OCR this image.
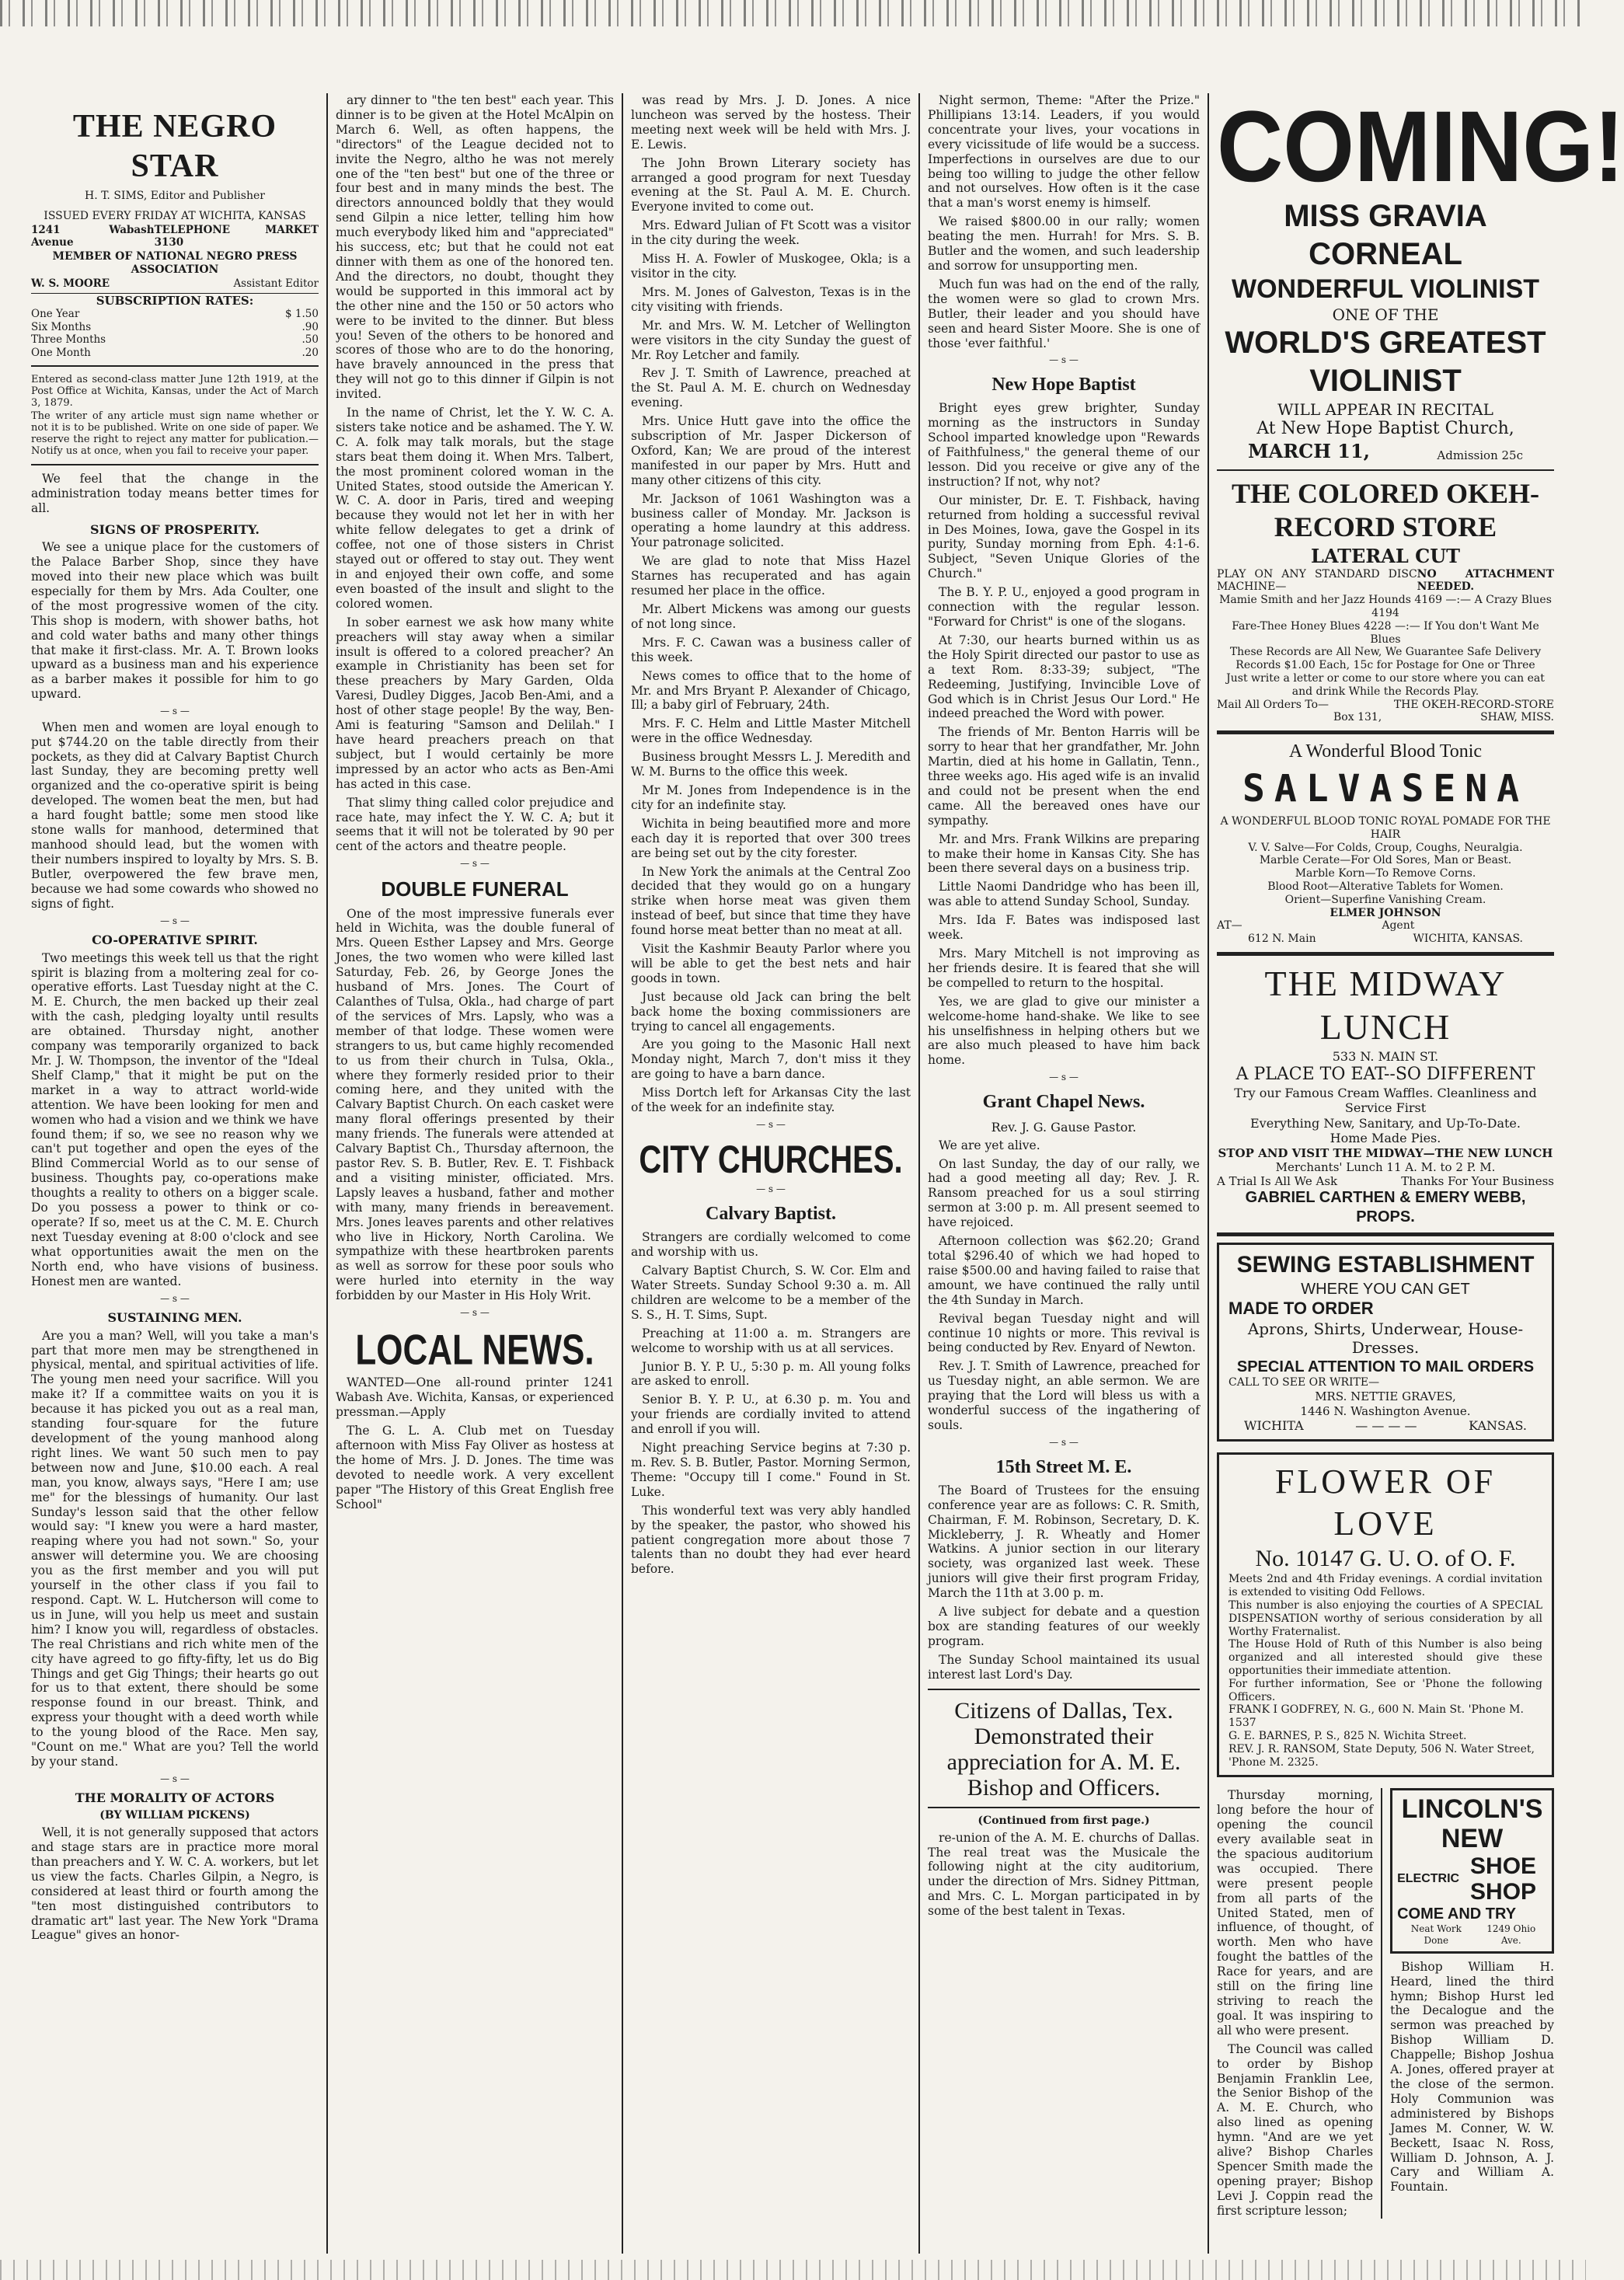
THE NEGRO STAR
H. T. SIMS, Editor and Publisher
ISSUED EVERY FRIDAY AT WICHITA, KANSAS
1241 Wabash Avenue
TELEPHONE MARKET 3130
MEMBER OF NATIONAL NEGRO PRESS ASSOCIATION
W. S. MOORE	Assistant Editor
SUBSCRIPTION RATES:
One Year	$ 1.50
Six Months	.90
Three Months	.50
One Month	.20
Entered as second-class matter June 12th 1919, at the Post Office at Wichita, Kansas, under the Act of March 3, 1879.
The writer of any article must sign name whether or not it is to be published. Write on one side of paper. We reserve the right to reject any matter for publication.—Notify us at once, when you fail to receive your paper.

We feel that the change in the administration today means better times for all.

SIGNS OF PROSPERITY.

We see a unique place for the customers of the Palace Barber Shop, since they have moved into their new place which was built especially for them by Mrs. Ada Coulter, one of the most progressive women of the city. This shop is modern, with shower baths, hot and cold water baths and many other things that make it first-class. Mr. A. T. Brown looks upward as a business man and his experience as a barber makes it possible for him to go upward.

— s —

When men and women are loyal enough to put $744.20 on the table directly from their pockets, as they did at Calvary Baptist Church last Sunday, they are becoming pretty well organized and the co-operative spirit is being developed. The women beat the men, but had a hard fought battle; some men stood like stone walls for manhood, determined that manhood should lead, but the women with their numbers inspired to loyalty by Mrs. S. B. Butler, overpowered the few brave men, because we had some cowards who showed no signs of fight.

— s —
CO-OPERATIVE SPIRIT.

Two meetings this week tell us that the right spirit is blazing from a moltering zeal for co-operative efforts. Last Tuesday night at the C. M. E. Church, the men backed up their zeal with the cash, pledging loyalty until results are obtained. Thursday night, another company was temporarily organized to back Mr. J. W. Thompson, the inventor of the "Ideal Shelf Clamp," that it might be put on the market in a way to attract world-wide attention. We have been looking for men and women who had a vision and we think we have found them; if so, we see no reason why we can't put together and open the eyes of the Blind Commercial World as to our sense of business. Thoughts pay, co-operations make thoughts a reality to others on a bigger scale. Do you possess a power to think or co-operate? If so, meet us at the C. M. E. Church next Tuesday evening at 8:00 o'clock and see what opportunities await the men on the North end, who have visions of business. Honest men are wanted.

— s —
SUSTAINING MEN.

Are you a man? Well, will you take a man's part that more men may be strengthened in physical, mental, and spiritual activities of life. The young men need your sacrifice. Will you make it? If a committee waits on you it is because it has picked you out as a real man, standing four-square for the future development of the young manhood along right lines. We want 50 such men to pay between now and June, $10.00 each. A real man, you know, always says, "Here I am; use me" for the blessings of humanity. Our last Sunday's lesson said that the other fellow would say: "I knew you were a hard master, reaping where you had not sown." So, your answer will determine you. We are choosing you as the first member and you will put yourself in the other class if you fail to respond. Capt. W. L. Hutcherson will come to us in June, will you help us meet and sustain him? I know you will, regardless of obstacles. The real Christians and rich white men of the city have agreed to go fifty-fifty, let us do Big Things and get Gig Things; their hearts go out for us to that extent, there should be some response found in our breast. Think, and express your thought with a deed worth while to the young blood of the Race. Men say, "Count on me." What are you? Tell the world by your stand.

— s —
THE MORALITY OF ACTORS
(BY WILLIAM PICKENS)

Well, it is not generally supposed that actors and stage stars are in practice more moral than preachers and Y. W. C. A. workers, but let us view the facts. Charles Gilpin, a Negro, is considered at least third or fourth among the "ten most distinguished contributors to dramatic art" last year. The New York "Drama League" gives an honor-

ary dinner to "the ten best" each year. This dinner is to be given at the Hotel McAlpin on March 6. Well, as often happens, the "directors" of the League decided not to invite the Negro, altho he was not merely one of the "ten best" but one of the three or four best and in many minds the best. The directors announced boldly that they would send Gilpin a nice letter, telling him how much everybody liked him and "appreciated" his success, etc; but that he could not eat dinner with them as one of the honored ten. And the directors, no doubt, thought they would be supported in this immoral act by the other nine and the 150 or 50 actors who were to be invited to the dinner. But bless you! Seven of the others to be honored and scores of those who are to do the honoring, have bravely announced in the press that they will not go to this dinner if Gilpin is not invited.

In the name of Christ, let the Y. W. C. A. sisters take notice and be ashamed. The Y. W. C. A. folk may talk morals, but the stage stars beat them doing it. When Mrs. Talbert, the most prominent colored woman in the United States, stood outside the American Y. W. C. A. door in Paris, tired and weeping because they would not let her in with her white fellow delegates to get a drink of coffee, not one of those sisters in Christ stayed out or offered to stay out. They went in and enjoyed their own coffe, and some even boasted of the insult and slight to the colored women.

In sober earnest we ask how many white preachers will stay away when a similar insult is offered to a colored preacher? An example in Christianity has been set for these preachers by Mary Garden, Olda Varesi, Dudley Digges, Jacob Ben-Ami, and a host of other stage people! By the way, Ben-Ami is featuring "Samson and Delilah." I have heard preachers preach on that subject, but I would certainly be more impressed by an actor who acts as Ben-Ami has acted in this case.

That slimy thing called color prejudice and race hate, may infect the Y. W. C. A; but it seems that it will not be tolerated by 90 per cent of the actors and theatre people.

— s —
DOUBLE FUNERAL

One of the most impressive funerals ever held in Wichita, was the double funeral of Mrs. Queen Esther Lapsey and Mrs. George Jones, the two women who were killed last Saturday, Feb. 26, by George Jones the husband of Mrs. Jones. The Court of Calanthes of Tulsa, Okla., had charge of part of the services of Mrs. Lapsly, who was a member of that lodge. These women were strangers to us, but came highly recomended to us from their church in Tulsa, Okla., where they formerly resided prior to their coming here, and they united with the Calvary Baptist Church. On each casket were many floral offerings presented by their many friends. The funerals were attended at Calvary Baptist Ch., Thursday afternoon, the pastor Rev. S. B. Butler, Rev. E. T. Fishback and a visiting minister, officiated. Mrs. Lapsly leaves a husband, father and mother with many, many friends in bereavement. Mrs. Jones leaves parents and other relatives who live in Hickory, North Carolina. We sympathize with these heartbroken parents as well as sorrow for these poor souls who were hurled into eternity in the way forbidden by our Master in His Holy Writ.

— s —
LOCAL NEWS.

WANTED—One all-round printer 1241 Wabash Ave. Wichita, Kansas, or experienced pressman.—Apply

The G. L. A. Club met on Tuesday afternoon with Miss Fay Oliver as hostess at the home of Mrs. J. D. Jones. The time was devoted to needle work. A very excellent paper "The History of this Great English free School"

was read by Mrs. J. D. Jones. A nice luncheon was served by the hostess. Their meeting next week will be held with Mrs. J. E. Lewis.

The John Brown Literary society has arranged a good program for next Tuesday evening at the St. Paul A. M. E. Church. Everyone invited to come out.

Mrs. Edward Julian of Ft Scott was a visitor in the city during the week.

Miss H. A. Fowler of Muskogee, Okla; is a visitor in the city.

Mrs. M. Jones of Galveston, Texas is in the city visiting with friends.

Mr. and Mrs. W. M. Letcher of Wellington were visitors in the city Sunday the guest of Mr. Roy Letcher and family.

Rev J. T. Smith of Lawrence, preached at the St. Paul A. M. E. church on Wednesday evening.

Mrs. Unice Hutt gave into the office the subscription of Mr. Jasper Dickerson of Oxford, Kan; We are proud of the interest manifested in our paper by Mrs. Hutt and many other citizens of this city.

Mr. Jackson of 1061 Washington was a business caller of Monday. Mr. Jackson is operating a home laundry at this address. Your patronage solicited.

We are glad to note that Miss Hazel Starnes has recuperated and has again resumed her place in the office.

Mr. Albert Mickens was among our guests of not long since.

Mrs. F. C. Cawan was a business caller of this week.

News comes to office that to the home of Mr. and Mrs Bryant P. Alexander of Chicago, Ill; a baby girl of February, 24th.

Mrs. F. C. Helm and Little Master Mitchell were in the office Wednesday.

Business brought Messrs L. J. Meredith and W. M. Burns to the office this week.

Mr M. Jones from Independence is in the city for an indefinite stay.

Wichita in being beautified more and more each day it is reported that over 300 trees are being set out by the city forester.

In New York the animals at the Central Zoo decided that they would go on a hungary strike when horse meat was given them instead of beef, but since that time they have found horse meat better than no meat at all.

Visit the Kashmir Beauty Parlor where you will be able to get the best nets and hair goods in town.

Just because old Jack can bring the belt back home the boxing commissioners are trying to cancel all engagements.

Are you going to the Masonic Hall next Monday night, March 7, don't miss it they are going to have a barn dance.

Miss Dortch left for Arkansas City the last of the week for an indefinite stay.

— s —
CITY CHURCHES.
— s —
Calvary Baptist.

Strangers are cordially welcomed to come and worship with us.

Calvary Baptist Church, S. W. Cor. Elm and Water Streets. Sunday School 9:30 a. m. All children are welcome to be a member of the S. S., H. T. Sims, Supt.

Preaching at 11:00 a. m. Strangers are welcome to worship with us at all services.

Junior B. Y. P. U., 5:30 p. m. All young folks are asked to enroll.

Senior B. Y. P. U., at 6.30 p. m. You and your friends are cordially invited to attend and enroll if you will.

Night preaching Service begins at 7:30 p. m. Rev. S. B. Butler, Pastor. Morning Sermon, Theme: "Occupy till I come." Found in St. Luke.

This wonderful text was very ably handled by the speaker, the pastor, who showed his patient congregation more about those 7 talents than no doubt they had ever heard before.

Night sermon, Theme: "After the Prize." Phillipians 13:14. Leaders, if you would concentrate your lives, your vocations in every vicissitude of life would be a success. Imperfections in ourselves are due to our being too willing to judge the other fellow and not ourselves. How often is it the case that a man's worst enemy is himself.

We raised $800.00 in our rally; women beating the men. Hurrah! for Mrs. S. B. Butler and the women, and such leadership and sorrow for unsupporting men.

Much fun was had on the end of the rally, the women were so glad to crown Mrs. Butler, their leader and you should have seen and heard Sister Moore. She is one of those 'ever faithful.'

— s —
New Hope Baptist

Bright eyes grew brighter, Sunday morning as the instructors in Sunday School imparted knowledge upon "Rewards of Faithfulness," the general theme of our lesson. Did you receive or give any of the instruction? If not, why not?

Our minister, Dr. E. T. Fishback, having returned from holding a successful revival in Des Moines, Iowa, gave the Gospel in its purity, Sunday morning from Eph. 4:1-6. Subject, "Seven Unique Glories of the Church."

The B. Y. P. U., enjoyed a good program in connection with the regular lesson. "Forward for Christ" is one of the slogans.

At 7:30, our hearts burned within us as the Holy Spirit directed our pastor to use as a text Rom. 8:33-39; subject, "The Redeeming, Justifying, Invincible Love of God which is in Christ Jesus Our Lord." He indeed preached the Word with power.

The friends of Mr. Benton Harris will be sorry to hear that her grandfather, Mr. John Martin, died at his home in Gallatin, Tenn., three weeks ago. His aged wife is an invalid and could not be present when the end came. All the bereaved ones have our sympathy.

Mr. and Mrs. Frank Wilkins are preparing to make their home in Kansas City. She has been there several days on a business trip.

Little Naomi Dandridge who has been ill, was able to attend Sunday School, Sunday.

Mrs. Ida F. Bates was indisposed last week.

Mrs. Mary Mitchell is not improving as her friends desire. It is feared that she will be compelled to return to the hospital.

Yes, we are glad to give our minister a welcome-home hand-shake. We like to see his unselfishness in helping others but we are also much pleased to have him back home.

— s —
Grant Chapel News.
Rev. J. G. Gause Pastor.

We are yet alive.

On last Sunday, the day of our rally, we had a good meeting all day; Rev. J. R. Ransom preached for us a soul stirring sermon at 3:00 p. m. All present seemed to have rejoiced.

Afternoon collection was $62.20; Grand total $296.40 of which we had hoped to raise $500.00 and having failed to raise that amount, we have continued the rally until the 4th Sunday in March.

Revival began Tuesday night and will continue 10 nights or more. This revival is being conducted by Rev. Enyard of Newton.

Rev. J. T. Smith of Lawrence, preached for us Tuesday night, an able sermon. We are praying that the Lord will bless us with a wonderful success of the ingathering of souls.

— s —
15th Street M. E.

The Board of Trustees for the ensuing conference year are as follows: C. R. Smith, Chairman, F. M. Robinson, Secretary, D. K. Mickleberry, J. R. Wheatly and Homer Watkins. A junior section in our literary society, was organized last week. These juniors will give their first program Friday, March the 11th at 3.00 p. m.

A live subject for debate and a question box are standing features of our weekly program.

The Sunday School maintained its usual interest last Lord's Day.

Citizens of Dallas, Tex. Demonstrated their appreciation for A. M. E. Bishop and Officers.
(Continued from first page.)

re-union of the A. M. E. churchs of Dallas. The real treat was the Musicale the following night at the city auditorium, under the direction of Mrs. Sidney Pittman, and Mrs. C. L. Morgan participated in by some of the best talent in Texas.

COMING!
MISS GRAVIA CORNEAL
WONDERFUL VIOLINIST
ONE OF THE
WORLD'S GREATEST VIOLINIST
WILL APPEAR IN RECITAL
At New Hope Baptist Church,
MARCH 11,	Admission 25c
THE COLORED OKEH-RECORD STORE
LATERAL CUT
PLAY ON ANY STANDARD DISC MACHINE—
NO ATTACHMENT NEEDED.
Mamie Smith and her Jazz Hounds 4169 —:— A Crazy Blues 4194
Fare-Thee Honey Blues 4228 —:— If You don't Want Me Blues
These Records are All New, We Guarantee Safe Delivery
Records $1.00 Each, 15c for Postage for One or Three
Just write a letter or come to our store where you can eat and drink While the Records Play.
Mail All Orders To—	THE OKEH-RECORD-STORE
Box 131,	SHAW, MISS.
A Wonderful Blood Tonic
SALVASENA
A WONDERFUL BLOOD TONIC ROYAL POMADE FOR THE HAIR
V. V. Salve—For Colds, Croup, Coughs, Neuralgia.
Marble Cerate—For Old Sores, Man or Beast.
Marble Korn—To Remove Corns.
Blood Root—Alterative Tablets for Women.
Orient—Superfine Vanishing Cream.
ELMER JOHNSON
AT—	Agent
612 N. Main	WICHITA, KANSAS.
THE MIDWAY LUNCH
533 N. MAIN ST.
A PLACE TO EAT--SO DIFFERENT
Try our Famous Cream Waffles. Cleanliness and Service First
Everything New, Sanitary, and Up-To-Date.
Home Made Pies.
STOP AND VISIT THE MIDWAY—THE NEW LUNCH
Merchants' Lunch 11 A. M. to 2 P. M.
A Trial Is All We Ask	Thanks For Your Business
GABRIEL CARTHEN & EMERY WEBB, PROPS.
SEWING ESTABLISHMENT
WHERE YOU CAN GET
MADE TO ORDER
Aprons, Shirts, Underwear, House-Dresses.
SPECIAL ATTENTION TO MAIL ORDERS
CALL TO SEE OR WRITE—
MRS. NETTIE GRAVES,
1446 N. Washington Avenue.
WICHITA	— — — —	KANSAS.
FLOWER OF LOVE
No. 10147 G. U. O. of O. F.
Meets 2nd and 4th Friday evenings. A cordial invitation is extended to visiting Odd Fellows.
This number is also enjoying the courties of A SPECIAL DISPENSATION worthy of serious consideration by all Worthy Fraternalist.
The House Hold of Ruth of this Number is also being organized and all interested should give these opportunities their immediate attention.
For further information, See or 'Phone the following Officers.
FRANK I GODFREY, N. G., 600 N. Main St. 'Phone M. 1537
G. E. BARNES, P. S., 825 N. Wichita Street.
REV. J. R. RANSOM, State Deputy, 506 N. Water Street, 'Phone M. 2325.

Thursday morning, long before the hour of opening the council every available seat in the spacious auditorium was occupied. There were present people from all parts of the United Stated, men of influence, of thought, of worth. Men who have fought the battles of the Race for years, and are still on the firing line striving to reach the goal. It was inspiring to all who were present.

The Council was called to order by Bishop Benjamin Franklin Lee, the Senior Bishop of the A. M. E. Church, who also lined as opening hymn. "And are we yet alive? Bishop Charles Spencer Smith made the opening prayer; Bishop Levi J. Coppin read the first scripture lesson;

LINCOLN'S NEW
ELECTRIC SHOE SHOP
COME AND TRY
Neat Work Done
1249 Ohio Ave.

Bishop William H. Heard, lined the third hymn; Bishop Hurst led the Decalogue and the sermon was preached by Bishop William D. Chappelle; Bishop Joshua A. Jones, offered prayer at the close of the sermon. Holy Communion was administered by Bishops James M. Conner, W. W. Beckett, Isaac N. Ross, William D. Johnson, A. J. Cary and William A. Fountain.
